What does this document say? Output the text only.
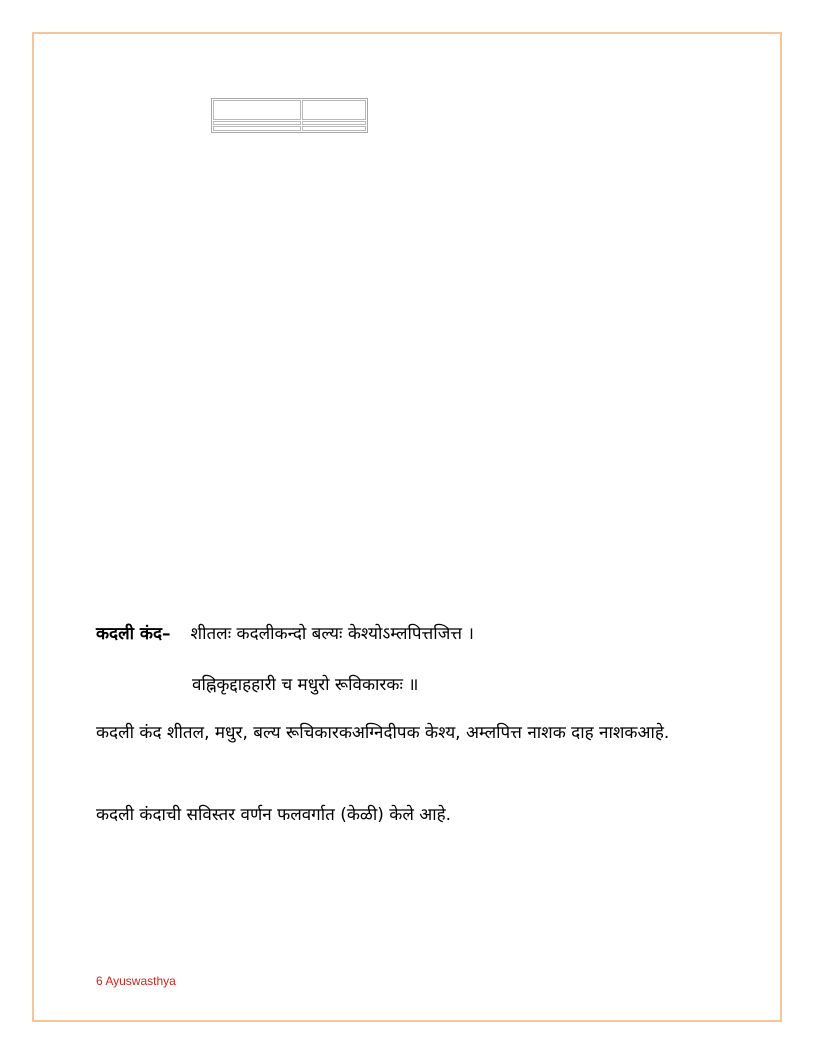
कदली कंद– शीतलः कदलीकन्दो बल्यः केश्योऽम्लपित्तजित्त ।
वह्निकृद्दाहहारी च मधुरो रूविकारकः ॥
कदली कंद शीतल, मधुर, बल्य रूचिकारकअग्निदीपक केश्य, अम्लपित्त नाशक दाह नाशकआहे.
कदली कंदाची सविस्तर वर्णन फलवर्गात (केळी) केले आहे.
6 Ayuswasthya
